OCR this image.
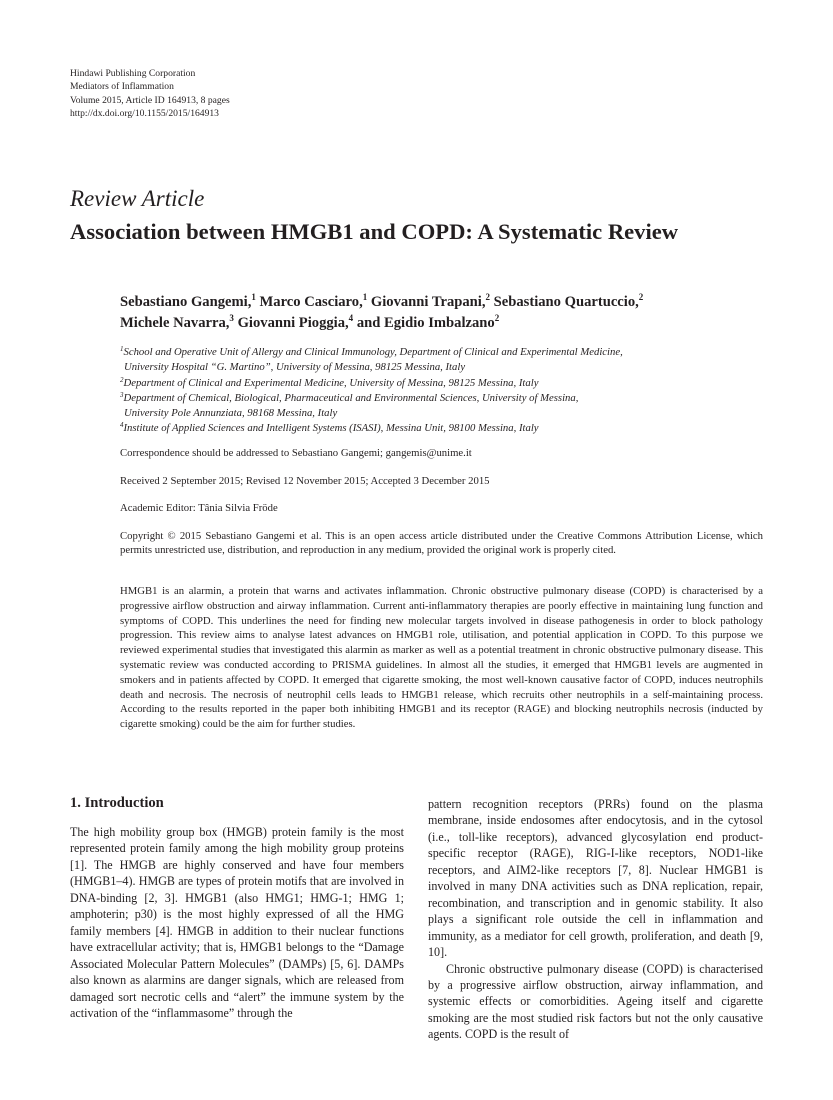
Hindawi Publishing Corporation
Mediators of Inflammation
Volume 2015, Article ID 164913, 8 pages
http://dx.doi.org/10.1155/2015/164913
Review Article
Association between HMGB1 and COPD: A Systematic Review
Sebastiano Gangemi,$^1$ Marco Casciaro,$^1$ Giovanni Trapani,$^2$ Sebastiano Quartuccio,$^2$
Michele Navarra,$^3$ Giovanni Pioggia,$^4$ and Egidio Imbalzano$^2$
$^1$School and Operative Unit of Allergy and Clinical Immunology, Department of Clinical and Experimental Medicine,
University Hospital “G. Martino”, University of Messina, 98125 Messina, Italy
$^2$Department of Clinical and Experimental Medicine, University of Messina, 98125 Messina, Italy
$^3$Department of Chemical, Biological, Pharmaceutical and Environmental Sciences, University of Messina,
University Pole Annunziata, 98168 Messina, Italy
$^4$Institute of Applied Sciences and Intelligent Systems (ISASI), Messina Unit, 98100 Messina, Italy
Correspondence should be addressed to Sebastiano Gangemi; gangemis@unime.it
Received 2 September 2015; Revised 12 November 2015; Accepted 3 December 2015
Academic Editor: Tânia Silvia Fröde
Copyright © 2015 Sebastiano Gangemi et al. This is an open access article distributed under the Creative Commons Attribution License, which permits unrestricted use, distribution, and reproduction in any medium, provided the original work is properly cited.
HMGB1 is an alarmin, a protein that warns and activates inflammation. Chronic obstructive pulmonary disease (COPD) is characterised by a progressive airflow obstruction and airway inflammation. Current anti-inflammatory therapies are poorly effective in maintaining lung function and symptoms of COPD. This underlines the need for finding new molecular targets involved in disease pathogenesis in order to block pathology progression. This review aims to analyse latest advances on HMGB1 role, utilisation, and potential application in COPD. To this purpose we reviewed experimental studies that investigated this alarmin as marker as well as a potential treatment in chronic obstructive pulmonary disease. This systematic review was conducted according to PRISMA guidelines. In almost all the studies, it emerged that HMGB1 levels are augmented in smokers and in patients affected by COPD. It emerged that cigarette smoking, the most well-known causative factor of COPD, induces neutrophils death and necrosis. The necrosis of neutrophil cells leads to HMGB1 release, which recruits other neutrophils in a self-maintaining process. According to the results reported in the paper both inhibiting HMGB1 and its receptor (RAGE) and blocking neutrophils necrosis (inducted by cigarette smoking) could be the aim for further studies.
1. Introduction

The high mobility group box (HMGB) protein family is the most represented protein family among the high mobility group proteins [1]. The HMGB are highly conserved and have four members (HMGB1–4). HMGB are types of protein motifs that are involved in DNA-binding [2, 3]. HMGB1 (also HMG1; HMG-1; HMG 1; amphoterin; p30) is the most highly expressed of all the HMG family members [4]. HMGB in addition to their nuclear functions have extracellular activity; that is, HMGB1 belongs to the “Damage Associated Molecular Pattern Molecules” (DAMPs) [5, 6]. DAMPs also known as alarmins are danger signals, which are released from damaged sort necrotic cells and “alert” the immune system by the activation of the “inflammasome” through the

pattern recognition receptors (PRRs) found on the plasma membrane, inside endosomes after endocytosis, and in the cytosol (i.e., toll-like receptors), advanced glycosylation end product-specific receptor (RAGE), RIG-I-like receptors, NOD1-like receptors, and AIM2-like receptors [7, 8]. Nuclear HMGB1 is involved in many DNA activities such as DNA replication, repair, recombination, and transcription and in genomic stability. It also plays a significant role outside the cell in inflammation and immunity, as a mediator for cell growth, proliferation, and death [9, 10].

Chronic obstructive pulmonary disease (COPD) is characterised by a progressive airflow obstruction, airway inflammation, and systemic effects or comorbidities. Ageing itself and cigarette smoking are the most studied risk factors but not the only causative agents. COPD is the result of
